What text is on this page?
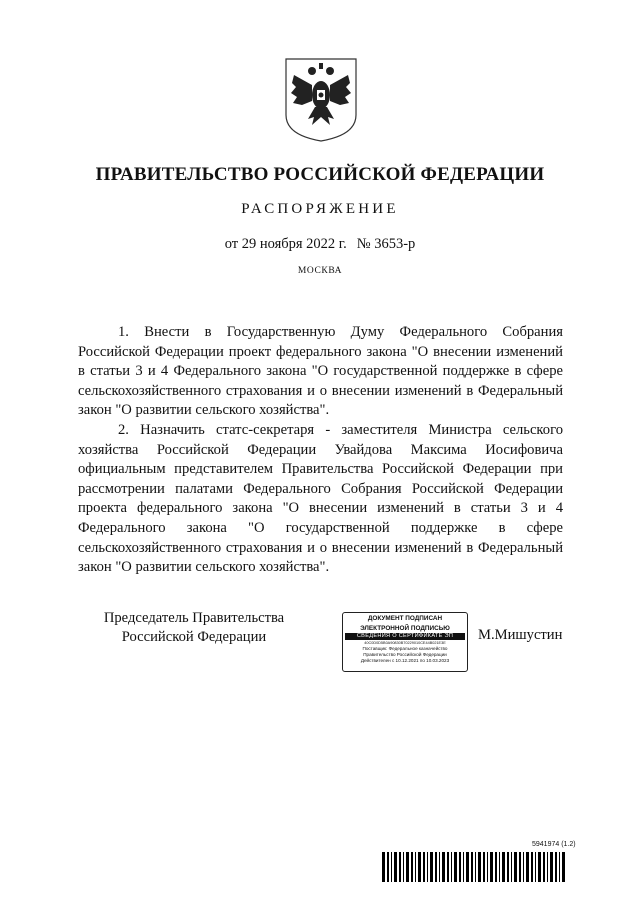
ПРАВИТЕЛЬСТВО РОССИЙСКОЙ ФЕДЕРАЦИИ
РАСПОРЯЖЕНИЕ
от 29 ноября 2022 г. № 3653-р
МОСКВА

1. Внести в Государственную Думу Федерального Собрания Российской Федерации проект федерального закона "О внесении изменений в статьи 3 и 4 Федерального закона "О государственной поддержке в сфере сельскохозяйственного страхования и о внесении изменений в Федеральный закон "О развитии сельского хозяйства".

2. Назначить статс-секретаря - заместителя Министра сельского хозяйства Российской Федерации Увайдова Максима Иосифовича официальным представителем Правительства Российской Федерации при рассмотрении палатами Федерального Собрания Российской Федерации проекта федерального закона "О внесении изменений в статьи 3 и 4 Федерального закона "О государственной поддержке в сфере сельскохозяйственного страхования и о внесении изменений в Федеральный закон "О развитии сельского хозяйства".

Председатель Правительства
Российской Федерации
ДОКУМЕНТ ПОДПИСАН
ЭЛЕКТРОННОЙ ПОДПИСЬЮ
СВЕДЕНИЯ О СЕРТИФИКАТЕ ЭП
40C0D0D5B0A90830B70229010CE44B021E3E
Поставщик: Федеральное казначейство
Правительство Российской Федерации
Действителен с 10.12.2021 по 10.03.2023
М.Мишустин
5941974 (1.2)
